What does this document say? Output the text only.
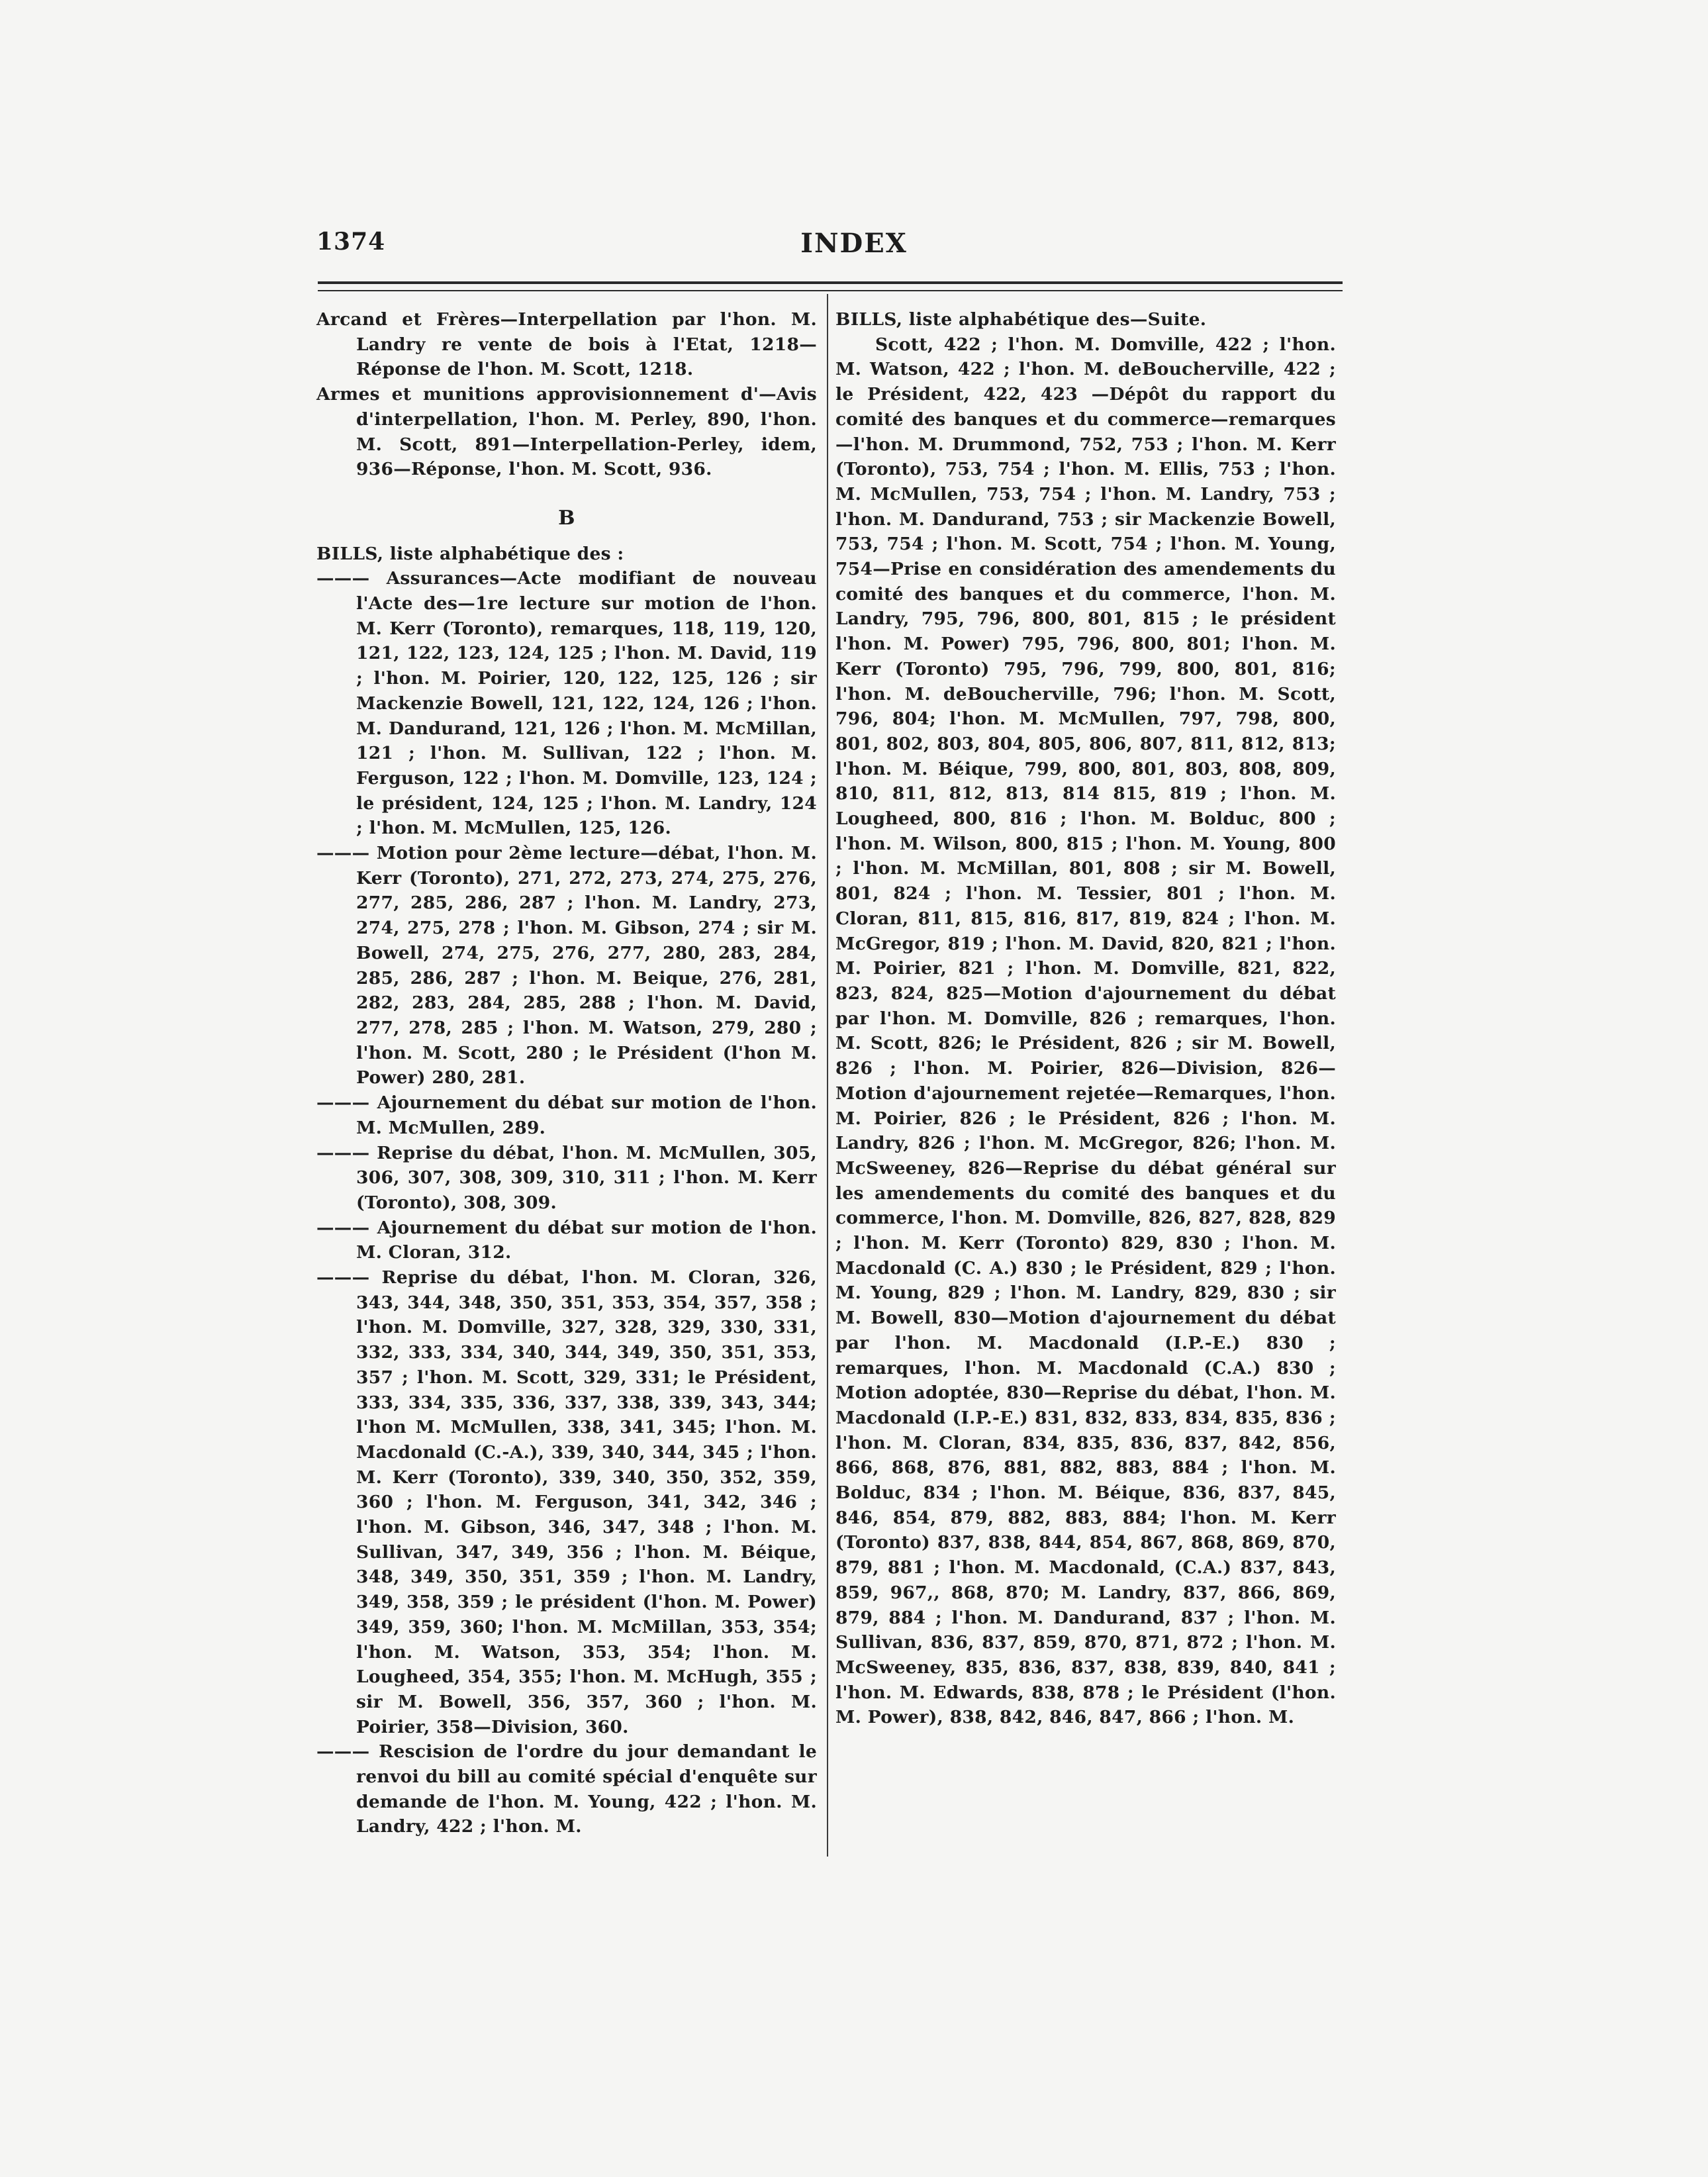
1374	INDEX

Arcand et Frères—Interpellation par l'hon. M. Landry re vente de bois à l'Etat, 1218—Réponse de l'hon. M. Scott, 1218.

Armes et munitions approvisionnement d'—Avis d'interpellation, l'hon. M. Perley, 890, l'hon. M. Scott, 891—Interpellation-Perley, idem, 936—Réponse, l'hon. M. Scott, 936.

B

BILLS, liste alphabétique des :

——— Assurances—Acte modifiant de nouveau l'Acte des—1re lecture sur motion de l'hon. M. Kerr (Toronto), remarques, 118, 119, 120, 121, 122, 123, 124, 125 ; l'hon. M. David, 119 ; l'hon. M. Poirier, 120, 122, 125, 126 ; sir Mackenzie Bowell, 121, 122, 124, 126 ; l'hon. M. Dandurand, 121, 126 ; l'hon. M. McMillan, 121 ; l'hon. M. Sullivan, 122 ; l'hon. M. Ferguson, 122 ; l'hon. M. Domville, 123, 124 ; le président, 124, 125 ; l'hon. M. Landry, 124 ; l'hon. M. McMullen, 125, 126.

——— Motion pour 2ème lecture—débat, l'hon. M. Kerr (Toronto), 271, 272, 273, 274, 275, 276, 277, 285, 286, 287 ; l'hon. M. Landry, 273, 274, 275, 278 ; l'hon. M. Gibson, 274 ; sir M. Bowell, 274, 275, 276, 277, 280, 283, 284, 285, 286, 287 ; l'hon. M. Beique, 276, 281, 282, 283, 284, 285, 288 ; l'hon. M. David, 277, 278, 285 ; l'hon. M. Watson, 279, 280 ; l'hon. M. Scott, 280 ; le Président (l'hon M. Power) 280, 281.

——— Ajournement du débat sur motion de l'hon. M. McMullen, 289.

——— Reprise du débat, l'hon. M. McMullen, 305, 306, 307, 308, 309, 310, 311 ; l'hon. M. Kerr (Toronto), 308, 309.

——— Ajournement du débat sur motion de l'hon. M. Cloran, 312.

——— Reprise du débat, l'hon. M. Cloran, 326, 343, 344, 348, 350, 351, 353, 354, 357, 358 ; l'hon. M. Domville, 327, 328, 329, 330, 331, 332, 333, 334, 340, 344, 349, 350, 351, 353, 357 ; l'hon. M. Scott, 329, 331; le Président, 333, 334, 335, 336, 337, 338, 339, 343, 344; l'hon M. McMullen, 338, 341, 345; l'hon. M. Macdonald (C.-A.), 339, 340, 344, 345 ; l'hon. M. Kerr (Toronto), 339, 340, 350, 352, 359, 360 ; l'hon. M. Ferguson, 341, 342, 346 ; l'hon. M. Gibson, 346, 347, 348 ; l'hon. M. Sullivan, 347, 349, 356 ; l'hon. M. Béique, 348, 349, 350, 351, 359 ; l'hon. M. Landry, 349, 358, 359 ; le président (l'hon. M. Power) 349, 359, 360; l'hon. M. McMillan, 353, 354; l'hon. M. Watson, 353, 354; l'hon. M. Lougheed, 354, 355; l'hon. M. McHugh, 355 ; sir M. Bowell, 356, 357, 360 ; l'hon. M. Poirier, 358—Division, 360.

——— Rescision de l'ordre du jour demandant le renvoi du bill au comité spécial d'enquête sur demande de l'hon. M. Young, 422 ; l'hon. M. Landry, 422 ; l'hon. M.

BILLS, liste alphabétique des—Suite.

Scott, 422 ; l'hon. M. Domville, 422 ; l'hon. M. Watson, 422 ; l'hon. M. deBoucherville, 422 ; le Président, 422, 423 —Dépôt du rapport du comité des banques et du commerce—remarques—l'hon. M. Drummond, 752, 753 ; l'hon. M. Kerr (Toronto), 753, 754 ; l'hon. M. Ellis, 753 ; l'hon. M. McMullen, 753, 754 ; l'hon. M. Landry, 753 ; l'hon. M. Dandurand, 753 ; sir Mackenzie Bowell, 753, 754 ; l'hon. M. Scott, 754 ; l'hon. M. Young, 754—Prise en considération des amendements du comité des banques et du commerce, l'hon. M. Landry, 795, 796, 800, 801, 815 ; le président l'hon. M. Power) 795, 796, 800, 801; l'hon. M. Kerr (Toronto) 795, 796, 799, 800, 801, 816; l'hon. M. deBoucherville, 796; l'hon. M. Scott, 796, 804; l'hon. M. McMullen, 797, 798, 800, 801, 802, 803, 804, 805, 806, 807, 811, 812, 813; l'hon. M. Béique, 799, 800, 801, 803, 808, 809, 810, 811, 812, 813, 814 815, 819 ; l'hon. M. Lougheed, 800, 816 ; l'hon. M. Bolduc, 800 ; l'hon. M. Wilson, 800, 815 ; l'hon. M. Young, 800 ; l'hon. M. McMillan, 801, 808 ; sir M. Bowell, 801, 824 ; l'hon. M. Tessier, 801 ; l'hon. M. Cloran, 811, 815, 816, 817, 819, 824 ; l'hon. M. McGregor, 819 ; l'hon. M. David, 820, 821 ; l'hon. M. Poirier, 821 ; l'hon. M. Domville, 821, 822, 823, 824, 825—Motion d'ajournement du débat par l'hon. M. Domville, 826 ; remarques, l'hon. M. Scott, 826; le Président, 826 ; sir M. Bowell, 826 ; l'hon. M. Poirier, 826—Division, 826—Motion d'ajournement rejetée—Remarques, l'hon. M. Poirier, 826 ; le Président, 826 ; l'hon. M. Landry, 826 ; l'hon. M. McGregor, 826; l'hon. M. McSweeney, 826—Reprise du débat général sur les amendements du comité des banques et du commerce, l'hon. M. Domville, 826, 827, 828, 829 ; l'hon. M. Kerr (Toronto) 829, 830 ; l'hon. M. Macdonald (C. A.) 830 ; le Président, 829 ; l'hon. M. Young, 829 ; l'hon. M. Landry, 829, 830 ; sir M. Bowell, 830—Motion d'ajournement du débat par l'hon. M. Macdonald (I.P.-E.) 830 ; remarques, l'hon. M. Macdonald (C.A.) 830 ; Motion adoptée, 830—Reprise du débat, l'hon. M. Macdonald (I.P.-E.) 831, 832, 833, 834, 835, 836 ; l'hon. M. Cloran, 834, 835, 836, 837, 842, 856, 866, 868, 876, 881, 882, 883, 884 ; l'hon. M. Bolduc, 834 ; l'hon. M. Béique, 836, 837, 845, 846, 854, 879, 882, 883, 884; l'hon. M. Kerr (Toronto) 837, 838, 844, 854, 867, 868, 869, 870, 879, 881 ; l'hon. M. Macdonald, (C.A.) 837, 843, 859, 967,, 868, 870; M. Landry, 837, 866, 869, 879, 884 ; l'hon. M. Dandurand, 837 ; l'hon. M. Sullivan, 836, 837, 859, 870, 871, 872 ; l'hon. M. McSweeney, 835, 836, 837, 838, 839, 840, 841 ; l'hon. M. Edwards, 838, 878 ; le Président (l'hon. M. Power), 838, 842, 846, 847, 866 ; l'hon. M.
